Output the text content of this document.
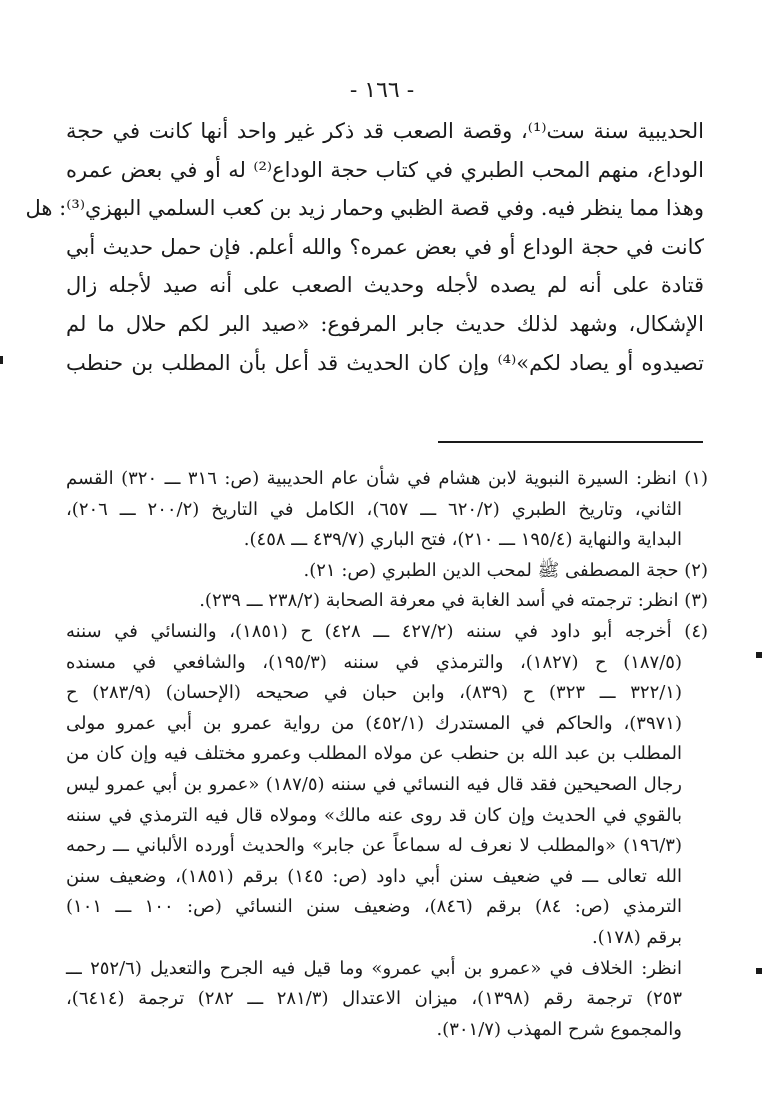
- ١٦٦ -
الحديبية سنة ست⁽¹⁾، وقصة الصعب قد ذكر غير واحد أنها كانت في حجة
الوداع، منهم المحب الطبري في كتاب حجة الوداع⁽²⁾ له أو في بعض عمره
وهذا مما ينظر فيه. وفي قصة الظبي وحمار زيد بن كعب السلمي البهزي⁽³⁾: هل
كانت في حجة الوداع أو في بعض عمره؟ والله أعلم. فإن حمل حديث أبي
قتادة على أنه لم يصده لأجله وحديث الصعب على أنه صيد لأجله زال
الإشكال، وشهد لذلك حديث جابر المرفوع: «صيد البر لكم حلال ما لم
تصيدوه أو يصاد لكم»⁽⁴⁾ وإن كان الحديث قد أعل بأن المطلب بن حنطب
(١) انظر: السيرة النبوية لابن هشام في شأن عام الحديبية (ص: ٣١٦ ـــ ٣٢٠) القسم
الثاني، وتاريخ الطبري (٦٢٠/٢ ـــ ٦٥٧)، الكامل في التاريخ (٢٠٠/٢ ـــ ٢٠٦)،
البداية والنهاية (١٩٥/٤ ـــ ٢١٠)، فتح الباري (٤٣٩/٧ ـــ ٤٥٨).
(٢) حجة المصطفى ﷺ لمحب الدين الطبري (ص: ٢١).
(٣) انظر: ترجمته في أسد الغابة في معرفة الصحابة (٢٣٨/٢ ـــ ٢٣٩).
(٤) أخرجه أبو داود في سننه (٤٢٧/٢ ـــ ٤٢٨) ح (١٨٥١)، والنسائي في سننه
(١٨٧/٥) ح (١٨٢٧)، والترمذي في سننه (١٩٥/٣)، والشافعي في مسنده
(٣٢٢/١ ـــ ٣٢٣) ح (٨٣٩)، وابن حبان في صحيحه (الإحسان) (٢٨٣/٩) ح
(٣٩٧١)، والحاكم في المستدرك (٤٥٢/١) من رواية عمرو بن أبي عمرو مولى
المطلب بن عبد الله بن حنطب عن مولاه المطلب وعمرو مختلف فيه وإن كان من
رجال الصحيحين فقد قال فيه النسائي في سننه (١٨٧/٥) «عمرو بن أبي عمرو ليس
بالقوي في الحديث وإن كان قد روى عنه مالك» ومولاه قال فيه الترمذي في سننه
(١٩٦/٣) «والمطلب لا نعرف له سماعاً عن جابر» والحديث أورده الألباني ـــ رحمه
الله تعالى ـــ في ضعيف سنن أبي داود (ص: ١٤٥) برقم (١٨٥١)، وضعيف سنن
الترمذي (ص: ٨٤) برقم (٨٤٦)، وضعيف سنن النسائي (ص: ١٠٠ ـــ ١٠١)
برقم (١٧٨).
انظر: الخلاف في «عمرو بن أبي عمرو» وما قيل فيه الجرح والتعديل (٢٥٢/٦ ـــ
٢٥٣) ترجمة رقم (١٣٩٨)، ميزان الاعتدال (٢٨١/٣ ـــ ٢٨٢) ترجمة (٦٤١٤)،
والمجموع شرح المهذب (٣٠١/٧).
